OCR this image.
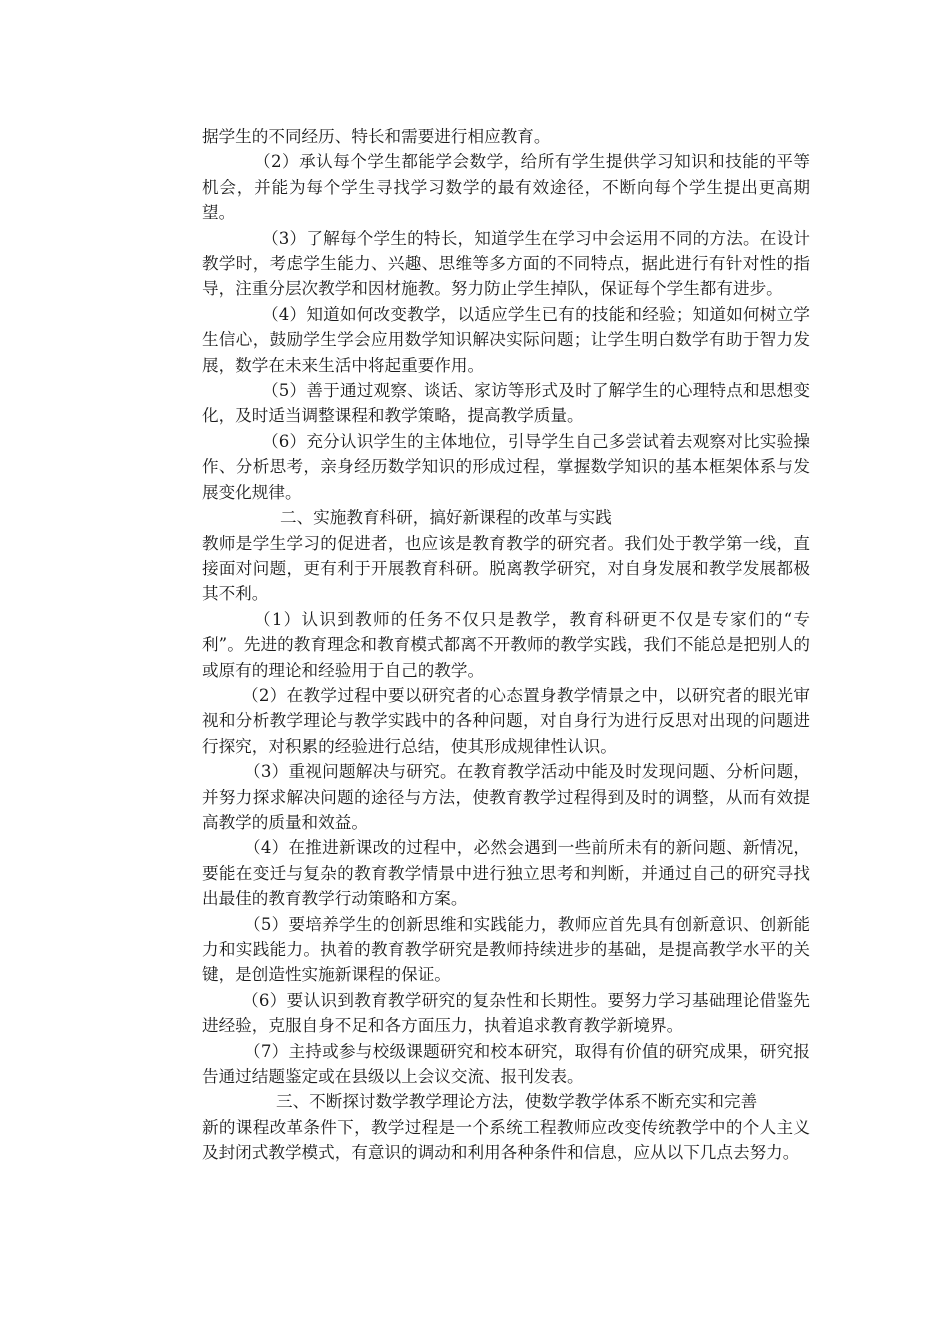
据学生的不同经历、特长和需要进行相应教育。

（2）承认每个学生都能学会数学，给所有学生提供学习知识和技能的平等机会，并能为每个学生寻找学习数学的最有效途径，不断向每个学生提出更高期望。

（3）了解每个学生的特长，知道学生在学习中会运用不同的方法。在设计教学时，考虑学生能力、兴趣、思维等多方面的不同特点，据此进行有针对性的指导，注重分层次教学和因材施教。努力防止学生掉队，保证每个学生都有进步。

（4）知道如何改变教学，以适应学生已有的技能和经验；知道如何树立学生信心，鼓励学生学会应用数学知识解决实际问题；让学生明白数学有助于智力发展，数学在未来生活中将起重要作用。

（5）善于通过观察、谈话、家访等形式及时了解学生的心理特点和思想变化，及时适当调整课程和教学策略，提高教学质量。

（6）充分认识学生的主体地位，引导学生自己多尝试着去观察对比实验操作、分析思考，亲身经历数学知识的形成过程，掌握数学知识的基本框架体系与发展变化规律。

二、实施教育科研，搞好新课程的改革与实践

教师是学生学习的促进者，也应该是教育教学的研究者。我们处于教学第一线，直接面对问题，更有利于开展教育科研。脱离教学研究，对自身发展和教学发展都极其不利。

（1）认识到教师的任务不仅只是教学，教育科研更不仅是专家们的“专利”。先进的教育理念和教育模式都离不开教师的教学实践，我们不能总是把别人的或原有的理论和经验用于自己的教学。

（2）在教学过程中要以研究者的心态置身教学情景之中，以研究者的眼光审视和分析教学理论与教学实践中的各种问题，对自身行为进行反思对出现的问题进行探究，对积累的经验进行总结，使其形成规律性认识。

（3）重视问题解决与研究。在教育教学活动中能及时发现问题、分析问题，并努力探求解决问题的途径与方法，使教育教学过程得到及时的调整，从而有效提高教学的质量和效益。

（4）在推进新课改的过程中，必然会遇到一些前所未有的新问题、新情况，要能在变迁与复杂的教育教学情景中进行独立思考和判断，并通过自己的研究寻找出最佳的教育教学行动策略和方案。

（5）要培养学生的创新思维和实践能力，教师应首先具有创新意识、创新能力和实践能力。执着的教育教学研究是教师持续进步的基础，是提高教学水平的关键，是创造性实施新课程的保证。

（6）要认识到教育教学研究的复杂性和长期性。要努力学习基础理论借鉴先进经验，克服自身不足和各方面压力，执着追求教育教学新境界。

（7）主持或参与校级课题研究和校本研究，取得有价值的研究成果，研究报告通过结题鉴定或在县级以上会议交流、报刊发表。

三、不断探讨数学教学理论方法，使数学教学体系不断充实和完善

新的课程改革条件下，教学过程是一个系统工程教师应改变传统教学中的个人主义及封闭式教学模式，有意识的调动和利用各种条件和信息，应从以下几点去努力。
